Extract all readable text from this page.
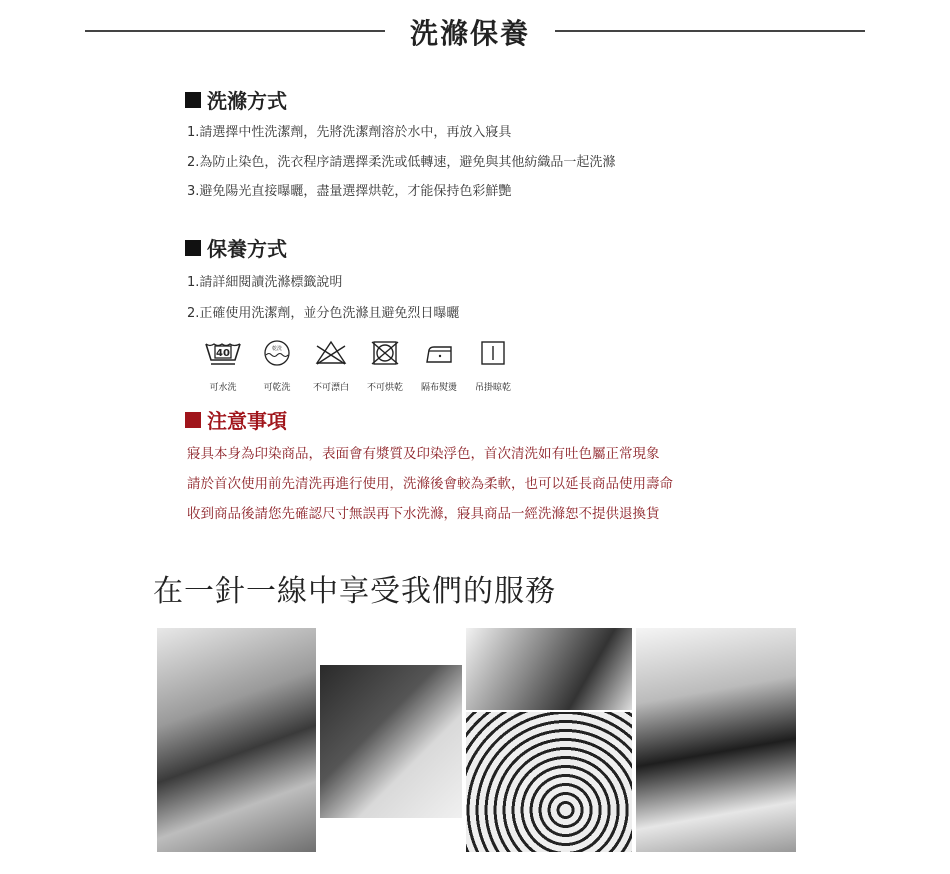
洗滌保養
洗滌方式
1.請選擇中性洗潔劑，先將洗潔劑溶於水中，再放入寢具
2.為防止染色，洗衣程序請選擇柔洗或低轉速，避免與其他紡織品一起洗滌
3.避免陽光直接曝曬，盡量選擇烘乾，才能保持色彩鮮艷
保養方式
1.請詳細閱讀洗滌標籤說明
2.正確使用洗潔劑，並分色洗滌且避免烈日曝曬
40
可水洗
乾洗
可乾洗 不可漂白 不可烘乾 隔布熨燙 吊掛晾乾
注意事項
寢具本身為印染商品，表面會有漿質及印染浮色，首次清洗如有吐色屬正常現象
請於首次使用前先清洗再進行使用，洗滌後會較為柔軟，也可以延長商品使用壽命
收到商品後請您先確認尺寸無誤再下水洗滌，寢具商品一經洗滌恕不提供退換貨
在一針一線中享受我們的服務
